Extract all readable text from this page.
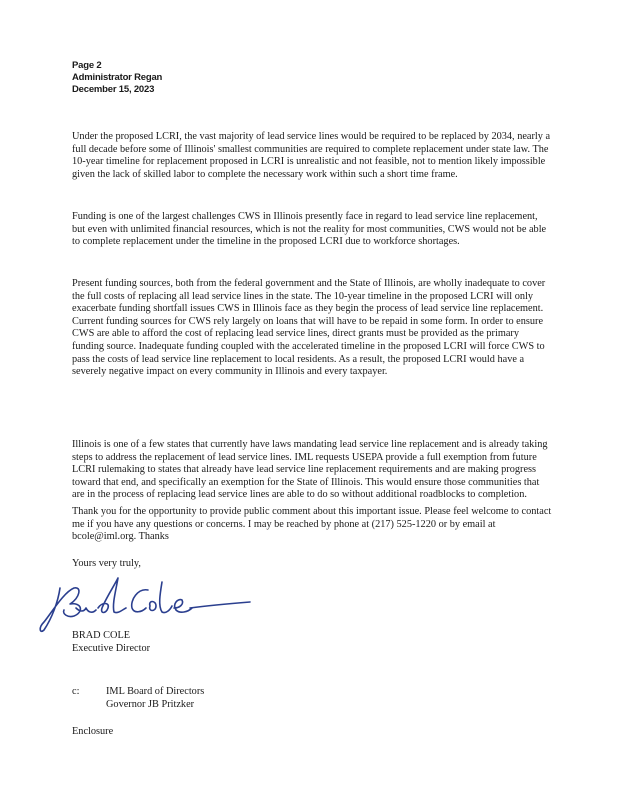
Page 2
Administrator Regan
December 15, 2023

Under the proposed LCRI, the vast majority of lead service lines would be required to be replaced by 2034, nearly a full decade before some of Illinois' smallest communities are required to complete replacement under state law. The 10-year timeline for replacement proposed in LCRI is unrealistic and not feasible, not to mention likely impossible given the lack of skilled labor to complete the necessary work within such a short time frame.

Funding is one of the largest challenges CWS in Illinois presently face in regard to lead service line replacement, but even with unlimited financial resources, which is not the reality for most communities, CWS would not be able to complete replacement under the timeline in the proposed LCRI due to workforce shortages.

Present funding sources, both from the federal government and the State of Illinois, are wholly inadequate to cover the full costs of replacing all lead service lines in the state. The 10-year timeline in the proposed LCRI will only exacerbate funding shortfall issues CWS in Illinois face as they begin the process of lead service line replacement. Current funding sources for CWS rely largely on loans that will have to be repaid in some form. In order to ensure CWS are able to afford the cost of replacing lead service lines, direct grants must be provided as the primary funding source. Inadequate funding coupled with the accelerated timeline in the proposed LCRI will force CWS to pass the costs of lead service line replacement to local residents. As a result, the proposed LCRI would have a severely negative impact on every community in Illinois and every taxpayer.

Illinois is one of a few states that currently have laws mandating lead service line replacement and is already taking steps to address the replacement of lead service lines. IML requests USEPA provide a full exemption from future LCRI rulemaking to states that already have lead service line replacement requirements and are making progress toward that end, and specifically an exemption for the State of Illinois. This would ensure those communities that are in the process of replacing lead service lines are able to do so without additional roadblocks to completion.

Thank you for the opportunity to provide public comment about this important issue. Please feel welcome to contact me if you have any questions or concerns. I may be reached by phone at (217) 525-1220 or by email at bcole@iml.org. Thanks

Yours very truly,
BRAD COLE
Executive Director
c:	IML Board of Directors
Governor JB Pritzker
Enclosure
